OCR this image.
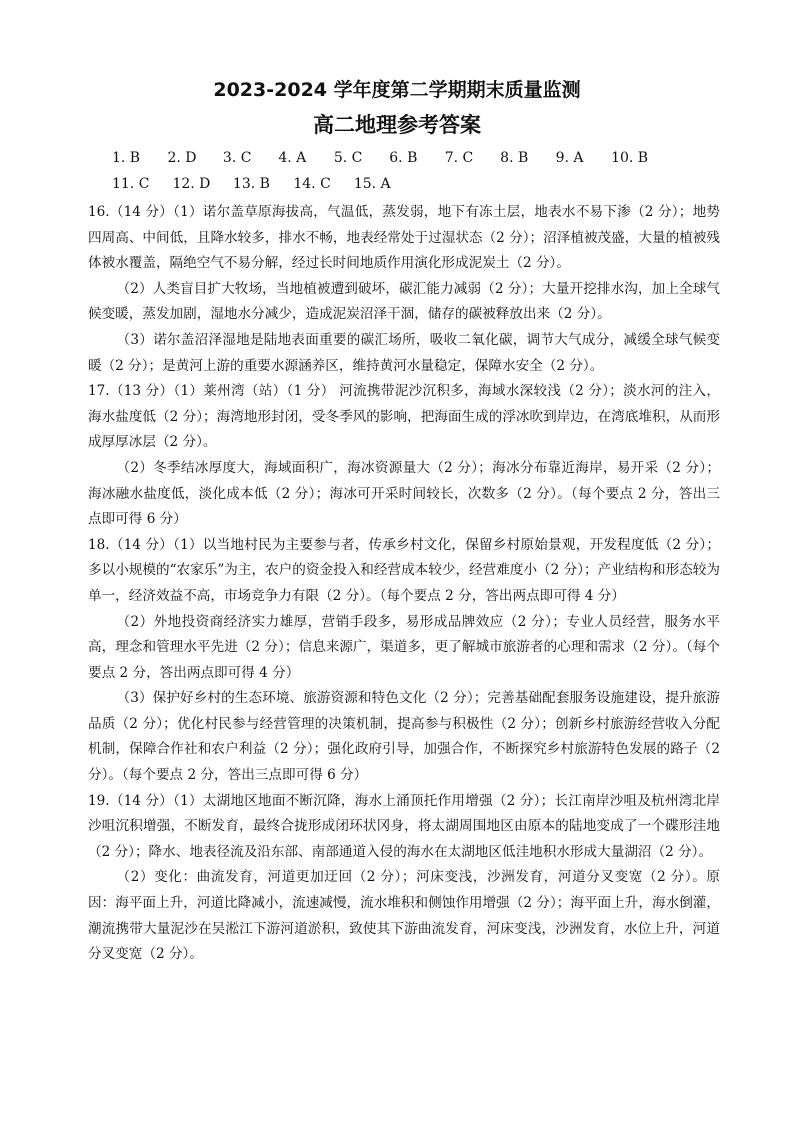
2023-2024 学年度第二学期期末质量监测
高二地理参考答案
1. B 2. D 3. C 4. A 5. C 6. B 7. C 8. B 9. A 10. B
11. C 12. D 13. B 14. C 15. A

16.（14 分）（1）诺尔盖草原海拔高，气温低，蒸发弱，地下有冻土层，地表水不易下渗（2 分）；地势四周高、中间低，且降水较多，排水不畅，地表经常处于过湿状态（2 分）；沼泽植被茂盛，大量的植被残体被水覆盖，隔绝空气不易分解，经过长时间地质作用演化形成泥炭土（2 分）。

（2）人类盲目扩大牧场，当地植被遭到破坏，碳汇能力减弱（2 分）；大量开挖排水沟，加上全球气候变暖，蒸发加剧，湿地水分减少，造成泥炭沼泽干涸，储存的碳被释放出来（2 分）。

（3）诺尔盖沼泽湿地是陆地表面重要的碳汇场所，吸收二氧化碳，调节大气成分，减缓全球气候变暖（2 分）；是黄河上游的重要水源涵养区，维持黄河水量稳定，保障水安全（2 分）。

17.（13 分）（1）莱州湾（站）（1 分） 河流携带泥沙沉积多，海域水深较浅（2 分）；淡水河的注入，海水盐度低（2 分）；海湾地形封闭，受冬季风的影响，把海面生成的浮冰吹到岸边，在湾底堆积，从而形成厚厚冰层（2 分）。

（2）冬季结冰厚度大，海域面积广，海冰资源量大（2 分）；海冰分布靠近海岸，易开采（2 分）；海冰融水盐度低，淡化成本低（2 分）；海冰可开采时间较长，次数多（2 分）。（每个要点 2 分，答出三点即可得 6 分）

18.（14 分）（1）以当地村民为主要参与者，传承乡村文化，保留乡村原始景观，开发程度低（2 分）；多以小规模的“农家乐”为主，农户的资金投入和经营成本较少，经营难度小（2 分）；产业结构和形态较为单一，经济效益不高，市场竞争力有限（2 分）。（每个要点 2 分，答出两点即可得 4 分）

（2）外地投资商经济实力雄厚，营销手段多，易形成品牌效应（2 分）；专业人员经营，服务水平高，理念和管理水平先进（2 分）；信息来源广，渠道多，更了解城市旅游者的心理和需求（2 分）。（每个要点 2 分，答出两点即可得 4 分）

（3）保护好乡村的生态环境、旅游资源和特色文化（2 分）；完善基础配套服务设施建设，提升旅游品质（2 分）；优化村民参与经营管理的决策机制，提高参与积极性（2 分）；创新乡村旅游经营收入分配机制，保障合作社和农户利益（2 分）；强化政府引导，加强合作，不断探究乡村旅游特色发展的路子（2 分）。（每个要点 2 分，答出三点即可得 6 分）

19.（14 分）（1）太湖地区地面不断沉降，海水上涌顶托作用增强（2 分）；长江南岸沙咀及杭州湾北岸沙咀沉积增强，不断发育，最终合拢形成闭环状冈身，将太湖周围地区由原本的陆地变成了一个碟形洼地（2 分）；降水、地表径流及沿东部、南部通道入侵的海水在太湖地区低洼地积水形成大量湖沼（2 分）。

（2）变化：曲流发育，河道更加迂回（2 分）；河床变浅，沙洲发育，河道分叉变宽（2 分）。原因：海平面上升，河道比降减小，流速减慢，流水堆积和侧蚀作用增强（2 分）；海平面上升，海水倒灌，潮流携带大量泥沙在吴淞江下游河道淤积，致使其下游曲流发育，河床变浅，沙洲发育，水位上升，河道分叉变宽（2 分）。
